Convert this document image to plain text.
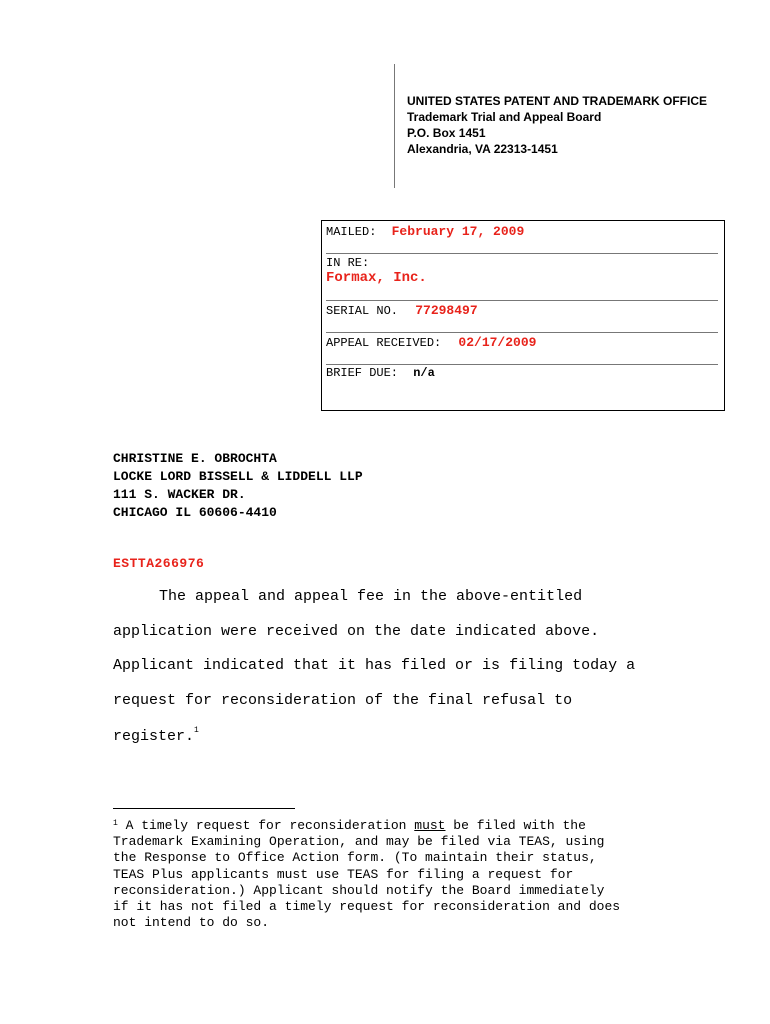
UNITED STATES PATENT AND TRADEMARK OFFICE
Trademark Trial and Appeal Board
P.O. Box 1451
Alexandria, VA 22313-1451
MAILED: February 17, 2009
IN RE:
Formax, Inc.
SERIAL NO. 77298497
APPEAL RECEIVED: 02/17/2009
BRIEF DUE: n/a
CHRISTINE E. OBROCHTA
LOCKE LORD BISSELL & LIDDELL LLP
111 S. WACKER DR.
CHICAGO IL 60606-4410
ESTTA266976
The appeal and appeal fee in the above-entitled
application were received on the date indicated above.
Applicant indicated that it has filed or is filing today a
request for reconsideration of the final refusal to
register.$^1$
$^1$ A timely request for reconsideration must be filed with the
Trademark Examining Operation, and may be filed via TEAS, using
the Response to Office Action form. (To maintain their status,
TEAS Plus applicants must use TEAS for filing a request for
reconsideration.) Applicant should notify the Board immediately
if it has not filed a timely request for reconsideration and does
not intend to do so.
